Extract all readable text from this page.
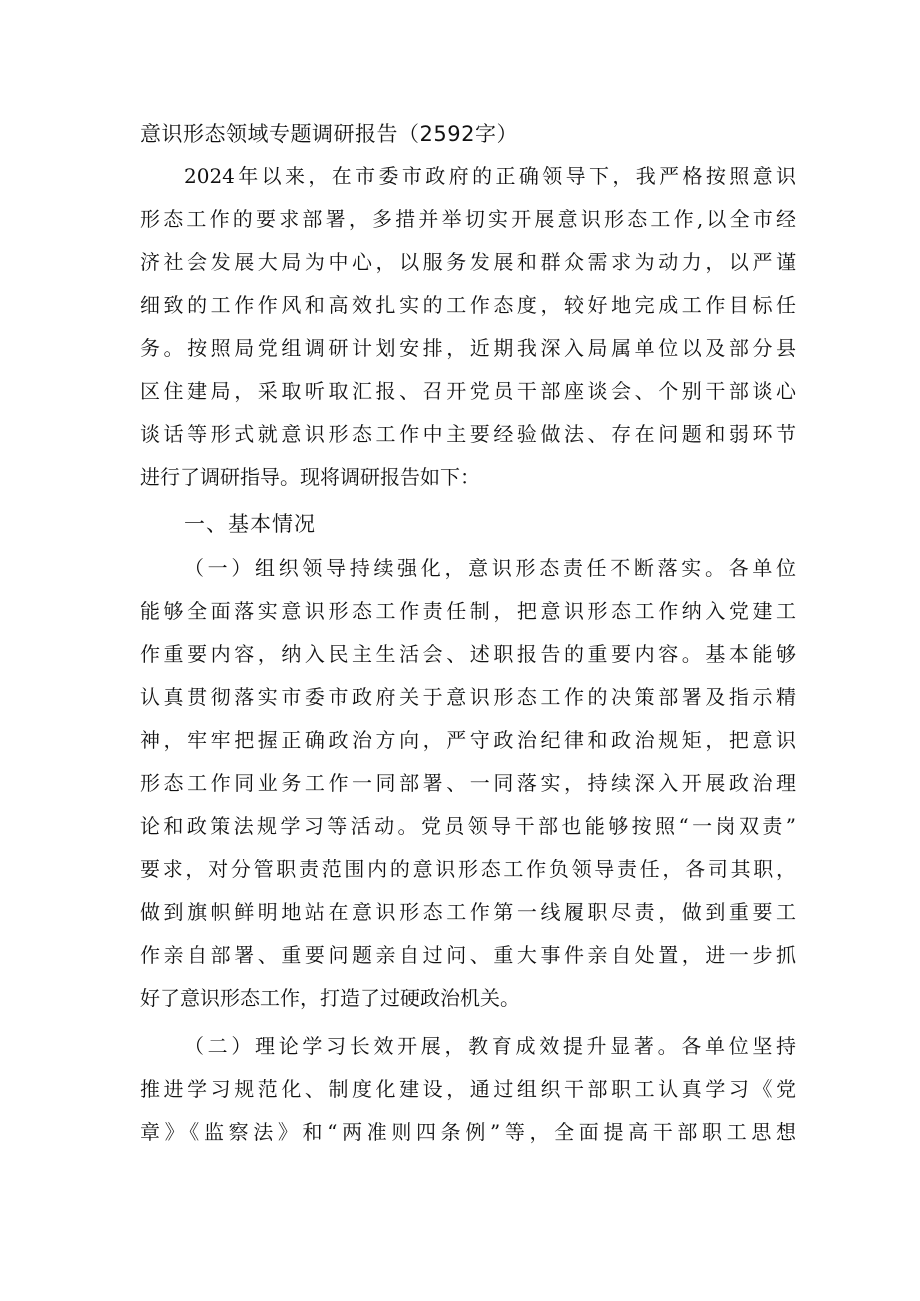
意识形态领域专题调研报告（2592字）
2024年以来，在市委市政府的正确领导下，我严格按照意识
形态工作的要求部署，多措并举切实开展意识形态工作,以全市经
济社会发展大局为中心，以服务发展和群众需求为动力，以严谨
细致的工作作风和高效扎实的工作态度，较好地完成工作目标任
务。按照局党组调研计划安排，近期我深入局属单位以及部分县
区住建局，采取听取汇报、召开党员干部座谈会、个别干部谈心
谈话等形式就意识形态工作中主要经验做法、存在问题和弱环节
进行了调研指导。现将调研报告如下：
一、基本情况
（一）组织领导持续强化，意识形态责任不断落实。各单位
能够全面落实意识形态工作责任制，把意识形态工作纳入党建工
作重要内容，纳入民主生活会、述职报告的重要内容。基本能够
认真贯彻落实市委市政府关于意识形态工作的决策部署及指示精
神，牢牢把握正确政治方向，严守政治纪律和政治规矩，把意识
形态工作同业务工作一同部署、一同落实，持续深入开展政治理
论和政策法规学习等活动。党员领导干部也能够按照“一岗双责”
要求，对分管职责范围内的意识形态工作负领导责任，各司其职，
做到旗帜鲜明地站在意识形态工作第一线履职尽责，做到重要工
作亲自部署、重要问题亲自过问、重大事件亲自处置，进一步抓
好了意识形态工作，打造了过硬政治机关。
（二）理论学习长效开展，教育成效提升显著。各单位坚持
推进学习规范化、制度化建设，通过组织干部职工认真学习《党
章》《监察法》和“两准则四条例”等，全面提高干部职工思想
